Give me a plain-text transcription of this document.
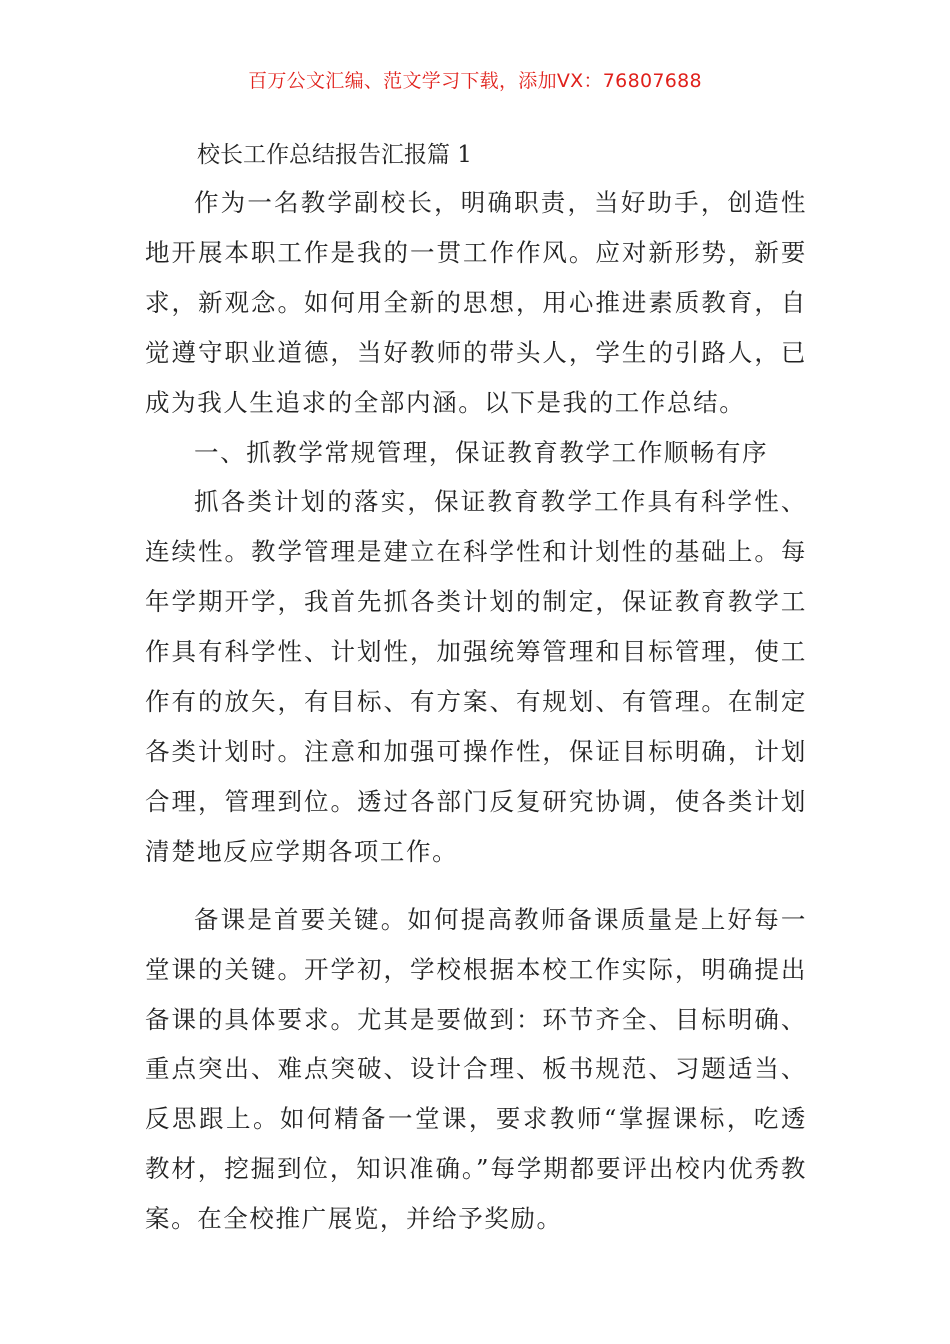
百万公文汇编、范文学习下载，添加VX：76807688
校长工作总结报告汇报篇 1

作为一名教学副校长，明确职责，当好助手，创造性地开展本职工作是我的一贯工作作风。应对新形势，新要求，新观念。如何用全新的思想，用心推进素质教育，自觉遵守职业道德，当好教师的带头人，学生的引路人，已成为我人生追求的全部内涵。以下是我的工作总结。

一、抓教学常规管理，保证教育教学工作顺畅有序

抓各类计划的落实，保证教育教学工作具有科学性、连续性。教学管理是建立在科学性和计划性的基础上。每年学期开学，我首先抓各类计划的制定，保证教育教学工作具有科学性、计划性，加强统筹管理和目标管理，使工作有的放矢，有目标、有方案、有规划、有管理。在制定各类计划时。注意和加强可操作性，保证目标明确，计划合理，管理到位。透过各部门反复研究协调，使各类计划清楚地反应学期各项工作。

备课是首要关键。如何提高教师备课质量是上好每一堂课的关键。开学初，学校根据本校工作实际，明确提出备课的具体要求。尤其是要做到：环节齐全、目标明确、重点突出、难点突破、设计合理、板书规范、习题适当、反思跟上。如何精备一堂课，要求教师“掌握课标，吃透教材，挖掘到位，知识准确。”每学期都要评出校内优秀教案。在全校推广展览，并给予奖励。
